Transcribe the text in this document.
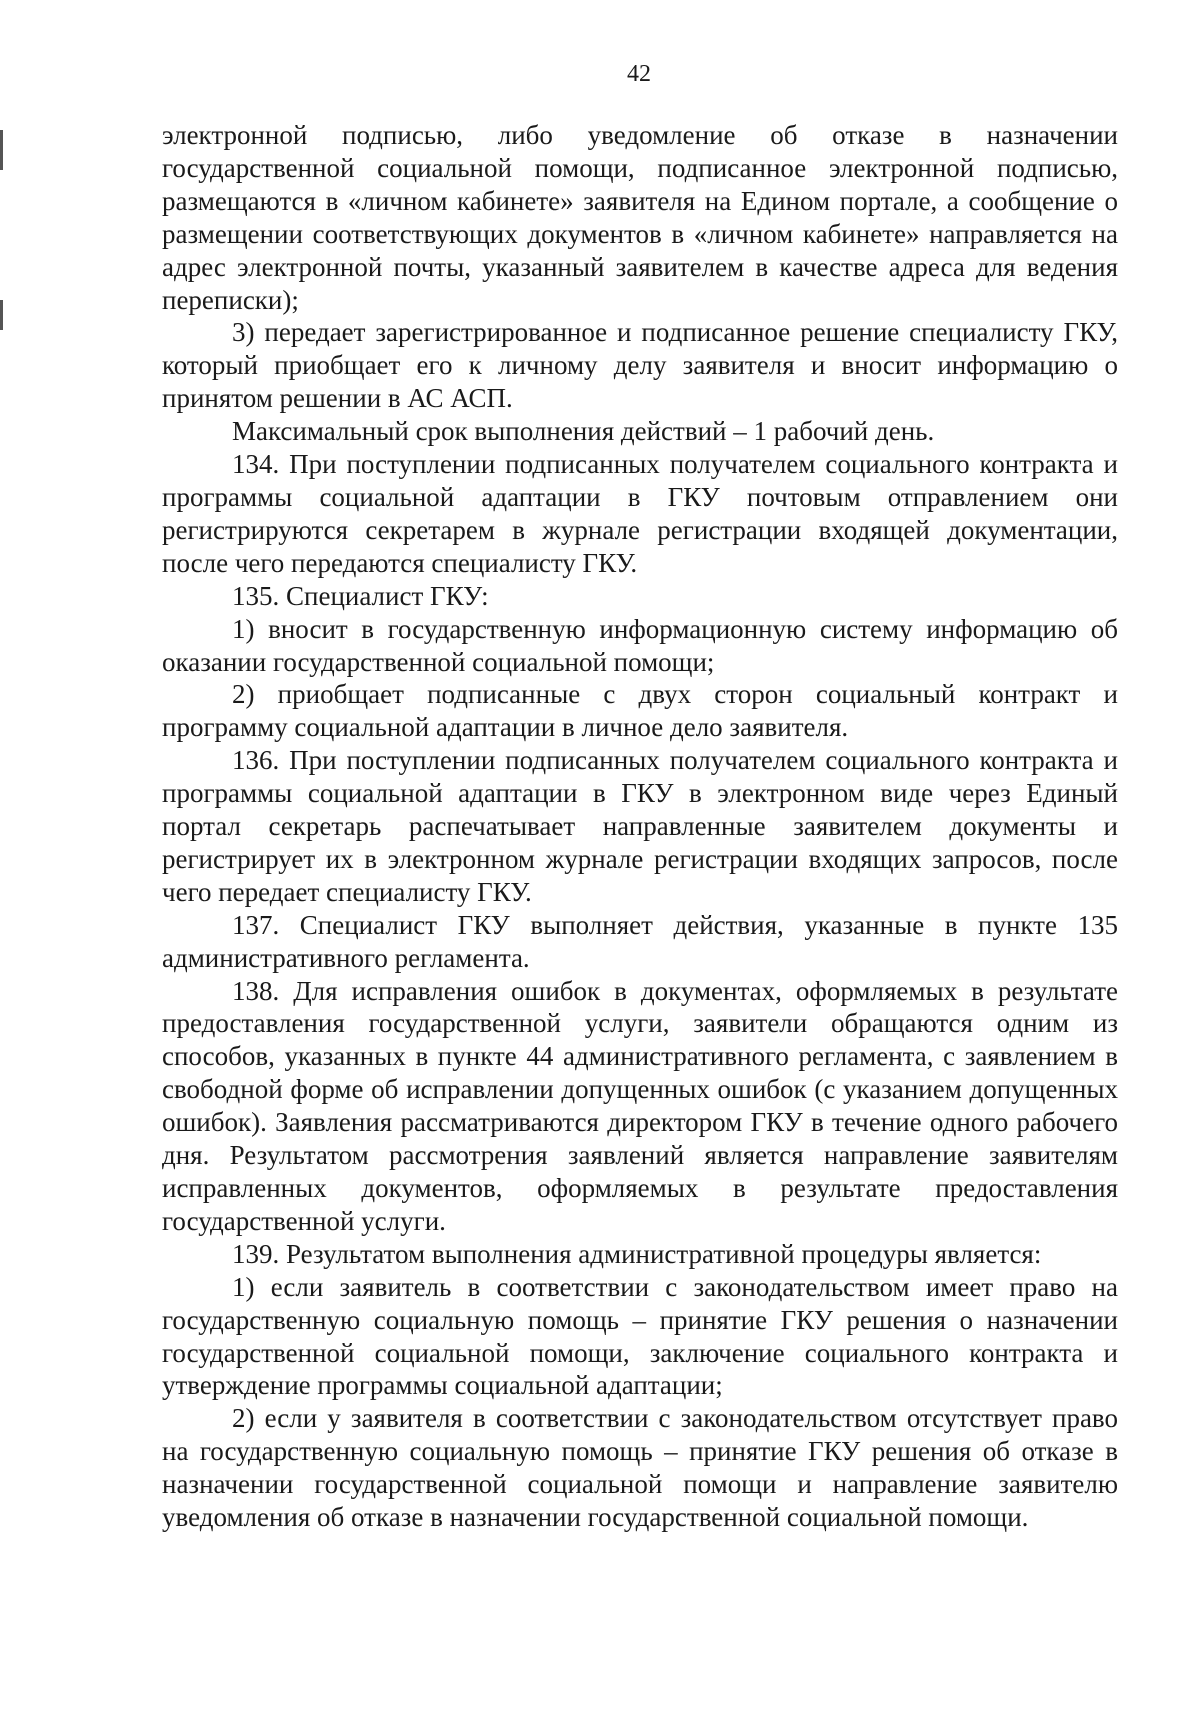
42

электронной подписью, либо уведомление об отказе в назначении государственной социальной помощи, подписанное электронной подписью, размещаются в «личном кабинете» заявителя на Едином портале, а сообщение о размещении соответствующих документов в «личном кабинете» направляется на адрес электронной почты, указанный заявителем в качестве адреса для ведения переписки);

3) передает зарегистрированное и подписанное решение специалисту ГКУ, который приобщает его к личному делу заявителя и вносит информацию о принятом решении в АС АСП.

Максимальный срок выполнения действий – 1 рабочий день.

134. При поступлении подписанных получателем социального контракта и программы социальной адаптации в ГКУ почтовым отправлением они регистрируются секретарем в журнале регистрации входящей документации, после чего передаются специалисту ГКУ.

135. Специалист ГКУ:

1) вносит в государственную информационную систему информацию об оказании государственной социальной помощи;

2) приобщает подписанные с двух сторон социальный контракт и программу социальной адаптации в личное дело заявителя.

136. При поступлении подписанных получателем социального контракта и программы социальной адаптации в ГКУ в электронном виде через Единый портал секретарь распечатывает направленные заявителем документы и регистрирует их в электронном журнале регистрации входящих запросов, после чего передает специалисту ГКУ.

137. Специалист ГКУ выполняет действия, указанные в пункте 135 административного регламента.

138. Для исправления ошибок в документах, оформляемых в результате предоставления государственной услуги, заявители обращаются одним из способов, указанных в пункте 44 административного регламента, с заявлением в свободной форме об исправлении допущенных ошибок (с указанием допущенных ошибок). Заявления рассматриваются директором ГКУ в течение одного рабочего дня. Результатом рассмотрения заявлений является направление заявителям исправленных документов, оформляемых в результате предоставления государственной услуги.

139. Результатом выполнения административной процедуры является:

1) если заявитель в соответствии с законодательством имеет право на государственную социальную помощь – принятие ГКУ решения о назначении государственной социальной помощи, заключение социального контракта и утверждение программы социальной адаптации;

2) если у заявителя в соответствии с законодательством отсутствует право на государственную социальную помощь – принятие ГКУ решения об отказе в назначении государственной социальной помощи и направление заявителю уведомления об отказе в назначении государственной социальной помощи.
